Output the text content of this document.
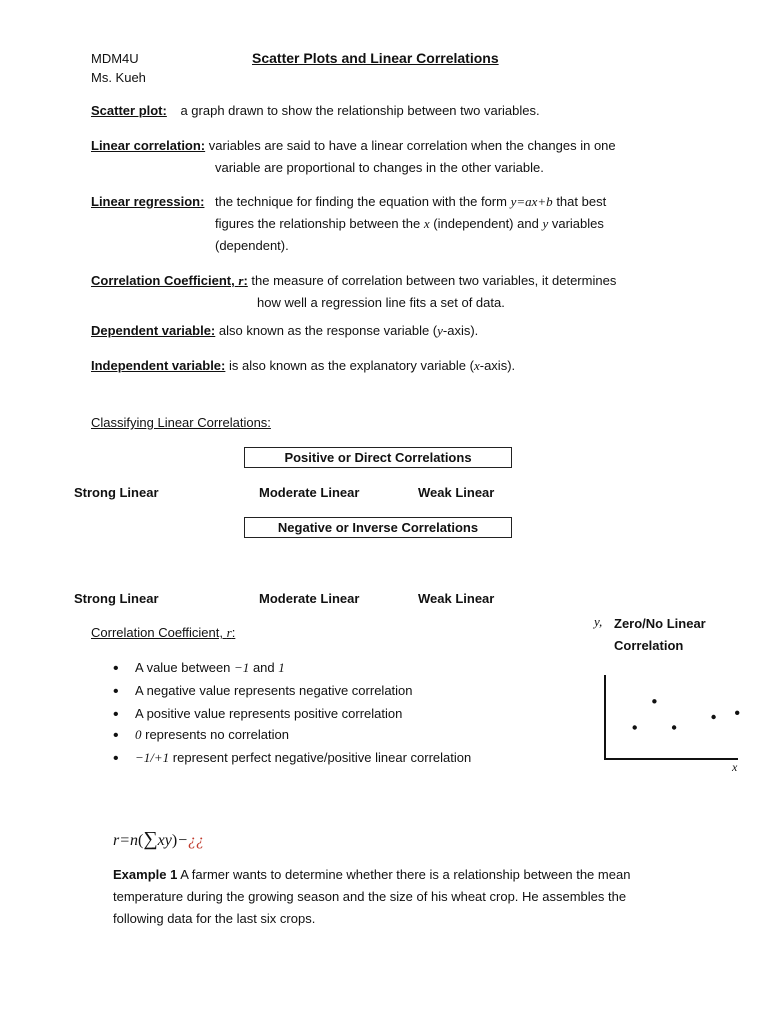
MDM4U
Ms. Kueh
Scatter Plots and Linear Correlations
Scatter plot: a graph drawn to show the relationship between two variables.
Linear correlation: variables are said to have a linear correlation when the changes in one
variable are proportional to changes in the other variable.
Linear regression: the technique for finding the equation with the form y=ax+b that best
figures the relationship between the x (independent) and y variables
(dependent).
Correlation Coefficient, r: the measure of correlation between two variables, it determines
how well a regression line fits a set of data.
Dependent variable: also known as the response variable (y-axis).
Independent variable: is also known as the explanatory variable (x-axis).
Classifying Linear Correlations:
Positive or Direct Correlations
Strong Linear	Moderate Linear	Weak Linear
Negative or Inverse Correlations
Strong Linear	Moderate Linear	Weak Linear
Correlation Coefficient, r:
•
A value between −1 and 1
•
A negative value represents negative correlation
•
A positive value represents positive correlation
•
0 represents no correlation
•
−1/+1 represent perfect negative/positive linear correlation
y, Zero/No Linear
Correlation
x
r=n(∑xy)−¿¿
Example 1 A farmer wants to determine whether there is a relationship between the mean
temperature during the growing season and the size of his wheat crop. He assembles the
following data for the last six crops.
